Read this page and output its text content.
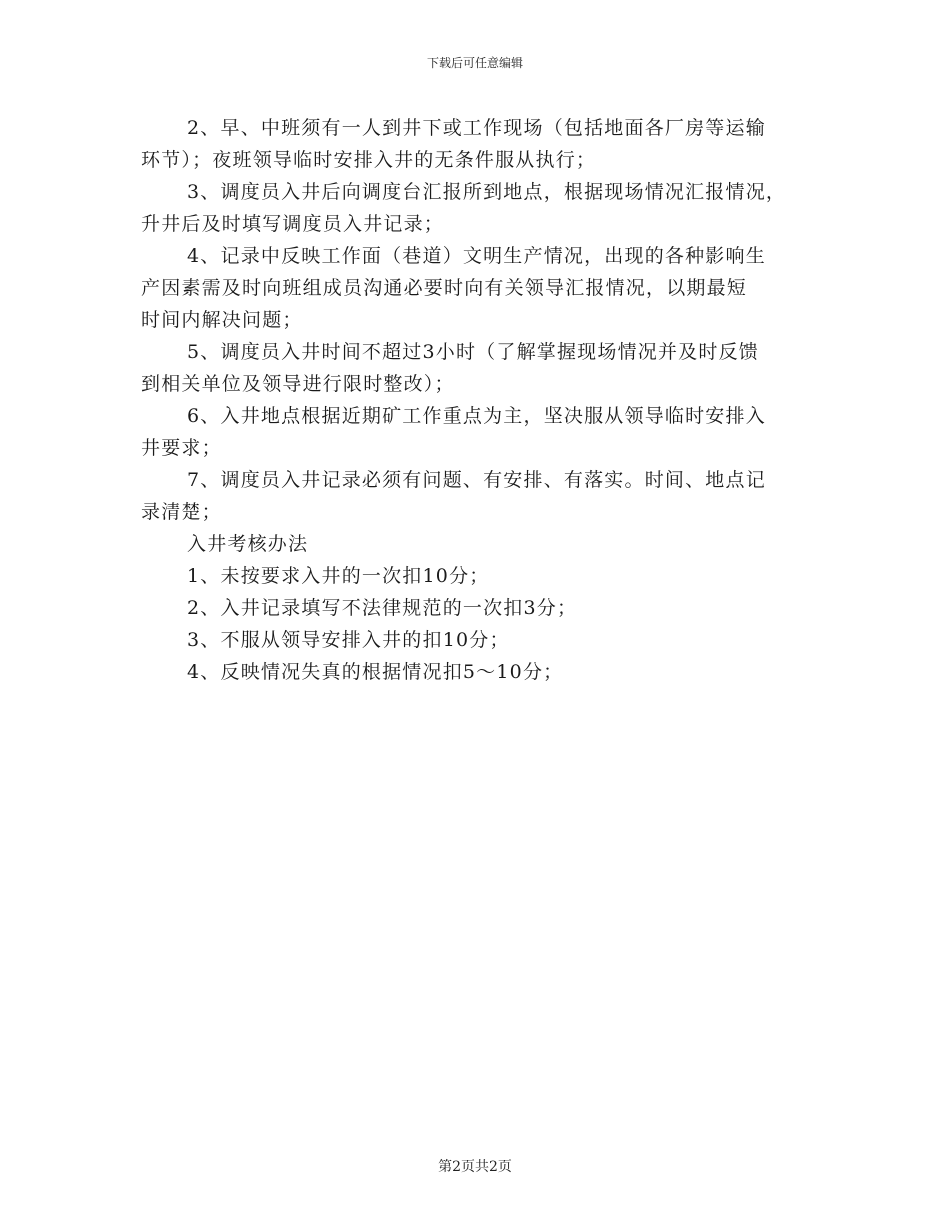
下载后可任意编辑
2、早、中班须有一人到井下或工作现场（包括地面各厂房等运输
环节）；夜班领导临时安排入井的无条件服从执行；
3、调度员入井后向调度台汇报所到地点，根据现场情况汇报情况，
升井后及时填写调度员入井记录；
4、记录中反映工作面（巷道）文明生产情况，出现的各种影响生
产因素需及时向班组成员沟通必要时向有关领导汇报情况，以期最短
时间内解决问题；
5、调度员入井时间不超过3小时（了解掌握现场情况并及时反馈
到相关单位及领导进行限时整改）；
6、入井地点根据近期矿工作重点为主，坚决服从领导临时安排入
井要求；
7、调度员入井记录必须有问题、有安排、有落实。时间、地点记
录清楚；
入井考核办法
1、未按要求入井的一次扣10分；
2、入井记录填写不法律规范的一次扣3分；
3、不服从领导安排入井的扣10分；
4、反映情况失真的根据情况扣5～10分；
第2页共2页
